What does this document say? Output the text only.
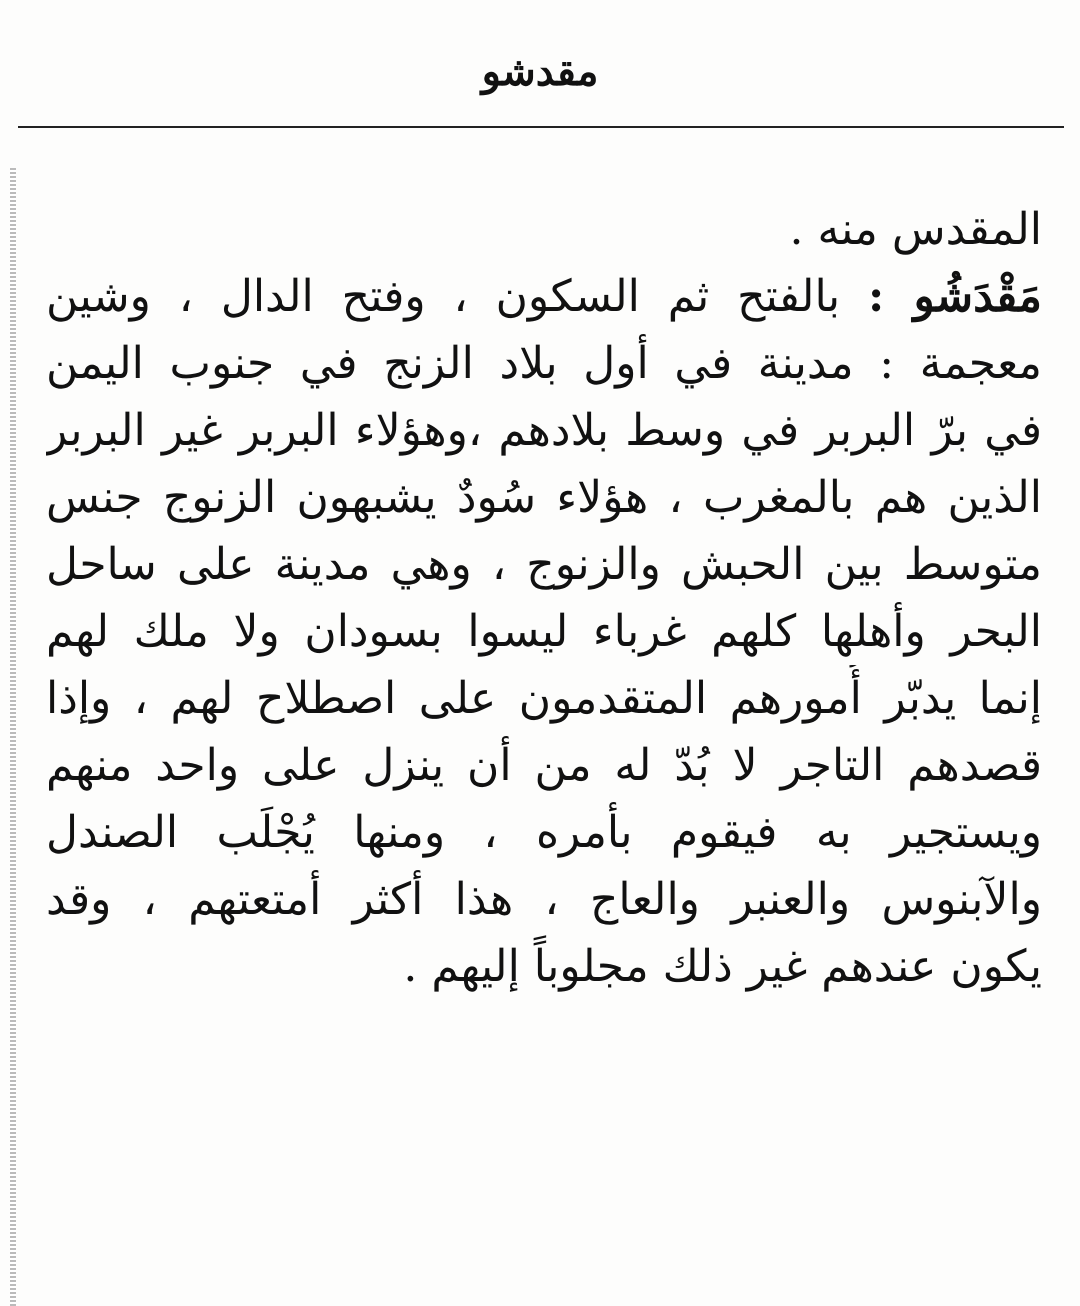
مقدشو
المقدس منه .
مَقْدَشُو : بالفتح ثم السكون ، وفتح الدال ، وشين
معجمة : مدينة في أول بلاد الزنج في جنوب اليمن
في برّ البربر في وسط بلادهم ،وهؤلاء البربر غير البربر
الذين هم بالمغرب ، هؤلاء سُودٌ يشبهون الزنوج جنس
متوسط بين الحبش والزنوج ، وهي مدينة على ساحل
البحر وأهلها كلهم غرباء ليسوا بسودان ولا ملك لهم
إنما يدبّر أُمورهم المتقدمون على اصطلاح لهم ، وإذا
قصدهم التاجر لا بُدّ له من أن ينزل على واحد منهم
ويستجير به فيقوم بأمره ، ومنها يُجْلَب الصندل
والآبنوس والعنبر والعاج ، هذا أكثر أمتعتهم ، وقد
يكون عندهم غير ذلك مجلوباً إليهم .
